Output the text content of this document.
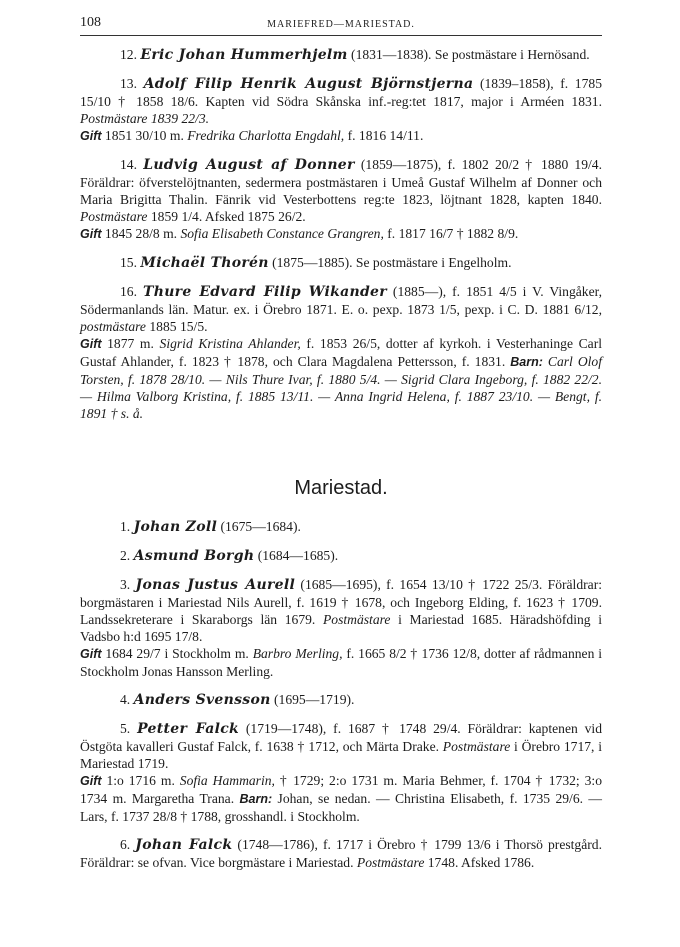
108	MARIEFRED—MARIESTAD.

12. Eric Johan Hummerhjelm (1831—1838). Se postmästare i Hernösand.

13. Adolf Filip Henrik August Björnstjerna (1839–1858), f. 1785 15/10 † 1858 18/6. Kapten vid Södra Skånska inf.-reg:tet 1817, major i Arméen 1831. Postmästare 1839 22/3.

Gift 1851 30/10 m. Fredrika Charlotta Engdahl, f. 1816 14/11.

14. Ludvig August af Donner (1859—1875), f. 1802 20/2 † 1880 19/4. Föräldrar: öfverstelöjtnanten, sedermera postmästaren i Umeå Gustaf Wilhelm af Donner och Maria Brigitta Thalin. Fänrik vid Vesterbottens reg:te 1823, löjtnant 1828, kapten 1840. Postmästare 1859 1/4. Afsked 1875 26/2.

Gift 1845 28/8 m. Sofia Elisabeth Constance Grangren, f. 1817 16/7 † 1882 8/9.

15. Michaël Thorén (1875—1885). Se postmästare i Engelholm.

16. Thure Edvard Filip Wikander (1885—), f. 1851 4/5 i V. Vingåker, Södermanlands län. Matur. ex. i Örebro 1871. E. o. pexp. 1873 1/5, pexp. i C. D. 1881 6/12, postmästare 1885 15/5.

Gift 1877 m. Sigrid Kristina Ahlander, f. 1853 26/5, dotter af kyrkoh. i Vesterhaninge Carl Gustaf Ahlander, f. 1823 † 1878, och Clara Magdalena Pettersson, f. 1831. Barn: Carl Olof Torsten, f. 1878 28/10. — Nils Thure Ivar, f. 1880 5/4. — Sigrid Clara Ingeborg, f. 1882 22/2. — Hilma Valborg Kristina, f. 1885 13/11. — Anna Ingrid Helena, f. 1887 23/10. — Bengt, f. 1891 † s. å.

Mariestad.

1. Johan Zoll (1675—1684).

2. Asmund Borgh (1684—1685).

3. Jonas Justus Aurell (1685—1695), f. 1654 13/10 † 1722 25/3. Föräldrar: borgmästaren i Mariestad Nils Aurell, f. 1619 † 1678, och Ingeborg Elding, f. 1623 † 1709. Landssekreterare i Skaraborgs län 1679. Postmästare i Mariestad 1685. Häradshöfding i Vadsbo h:d 1695 17/8.

Gift 1684 29/7 i Stockholm m. Barbro Merling, f. 1665 8/2 † 1736 12/8, dotter af rådmannen i Stockholm Jonas Hansson Merling.

4. Anders Svensson (1695—1719).

5. Petter Falck (1719—1748), f. 1687 † 1748 29/4. Föräldrar: kaptenen vid Östgöta kavalleri Gustaf Falck, f. 1638 † 1712, och Märta Drake. Postmästare i Örebro 1717, i Mariestad 1719.

Gift 1:o 1716 m. Sofia Hammarin, † 1729; 2:o 1731 m. Maria Behmer, f. 1704 † 1732; 3:o 1734 m. Margaretha Trana. Barn: Johan, se nedan. — Christina Elisabeth, f. 1735 29/6. — Lars, f. 1737 28/8 † 1788, grosshandl. i Stockholm.

6. Johan Falck (1748—1786), f. 1717 i Örebro † 1799 13/6 i Thorsö prestgård. Föräldrar: se ofvan. Vice borgmästare i Mariestad. Postmästare 1748. Afsked 1786.
